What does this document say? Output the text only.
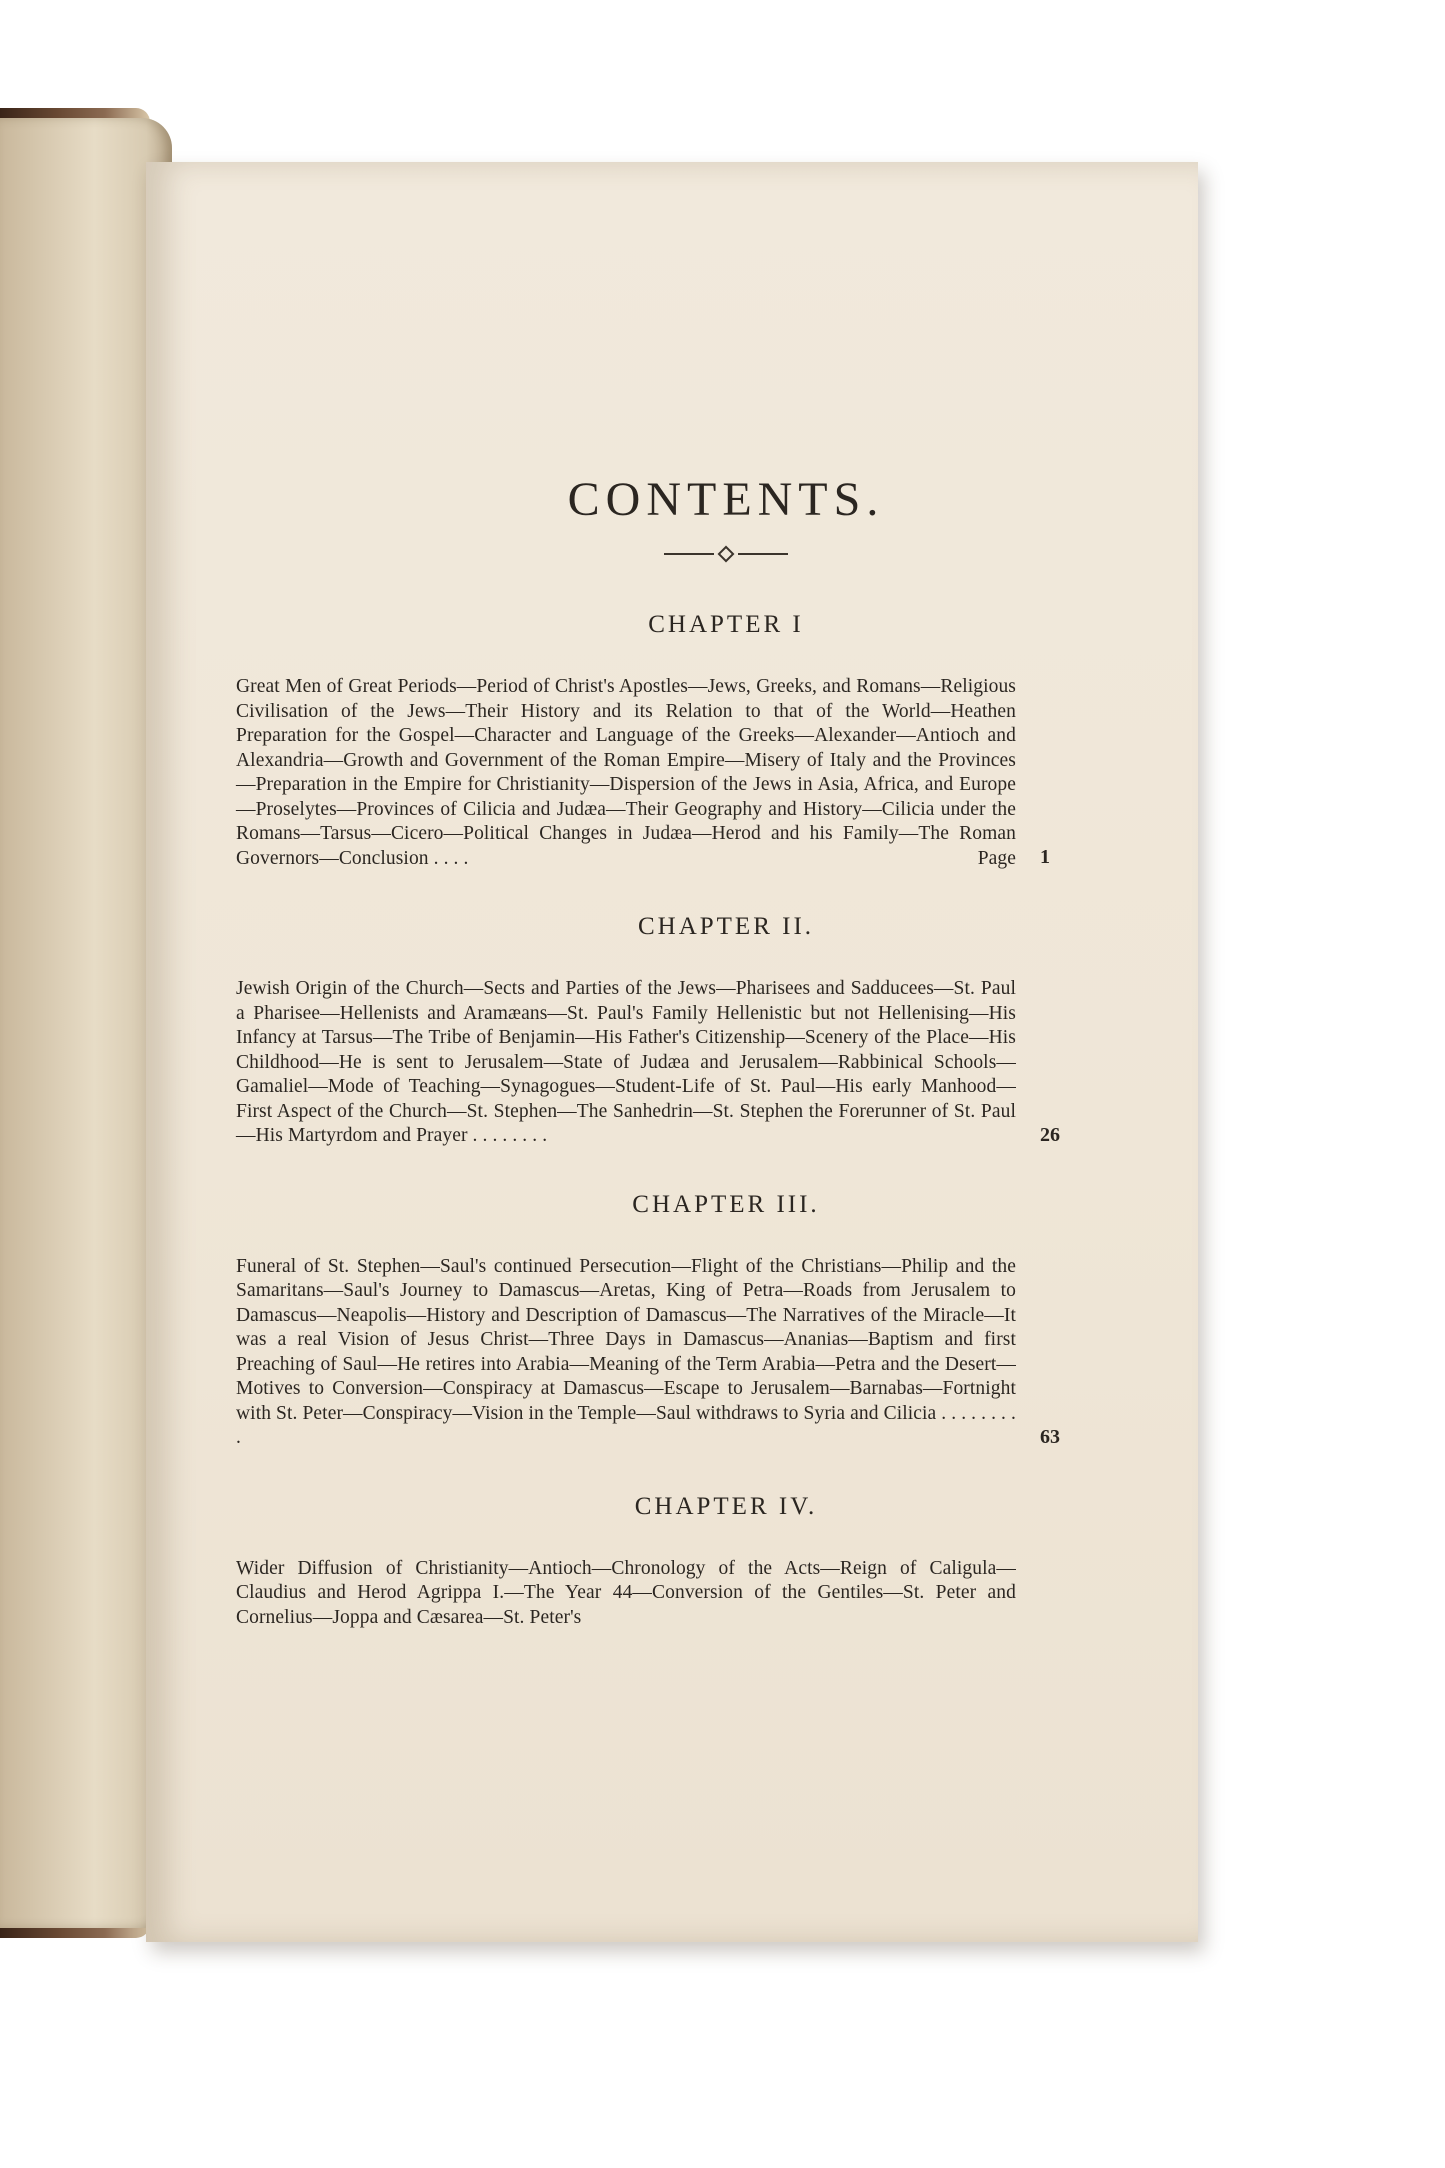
CONTENTS.
CHAPTER I
Great Men of Great Periods—Period of Christ's Apostles—Jews, Greeks, and Romans—Religious Civilisation of the Jews—Their History and its Relation to that of the World—Heathen Preparation for the Gospel—Character and Language of the Greeks—Alexander—Antioch and Alexandria—Growth and Government of the Roman Empire—Misery of Italy and the Provinces—Preparation in the Empire for Christianity—Dispersion of the Jews in Asia, Africa, and Europe—Proselytes—Provinces of Cilicia and Judæa—Their Geography and History—Cilicia under the Romans—Tarsus—Cicero—Political Changes in Judæa—Herod and his Family—The Roman Governors—Conclusion . . . .	Page 1
CHAPTER II.
Jewish Origin of the Church—Sects and Parties of the Jews—Pharisees and Sadducees—St. Paul a Pharisee—Hellenists and Aramæans—St. Paul's Family Hellenistic but not Hellenising—His Infancy at Tarsus—The Tribe of Benjamin—His Father's Citizenship—Scenery of the Place—His Childhood—He is sent to Jerusalem—State of Judæa and Jerusalem—Rabbinical Schools—Gamaliel—Mode of Teaching—Synagogues—Student-Life of St. Paul—His early Manhood—First Aspect of the Church—St. Stephen—The Sanhedrin—St. Stephen the Forerunner of St. Paul—His Martyrdom and Prayer . . . . . . . .	26
CHAPTER III.
Funeral of St. Stephen—Saul's continued Persecution—Flight of the Christians—Philip and the Samaritans—Saul's Journey to Damascus—Aretas, King of Petra—Roads from Jerusalem to Damascus—Neapolis—History and Description of Damascus—The Narratives of the Miracle—It was a real Vision of Jesus Christ—Three Days in Damascus—Ananias—Baptism and first Preaching of Saul—He retires into Arabia—Meaning of the Term Arabia—Petra and the Desert—Motives to Conversion—Conspiracy at Damascus—Escape to Jerusalem—Barnabas—Fortnight with St. Peter—Conspiracy—Vision in the Temple—Saul withdraws to Syria and Cilicia . . . . . . . . .	63
CHAPTER IV.
Wider Diffusion of Christianity—Antioch—Chronology of the Acts—Reign of Caligula—Claudius and Herod Agrippa I.—The Year 44—Conversion of the Gentiles—St. Peter and Cornelius—Joppa and Cæsarea—St. Peter's
